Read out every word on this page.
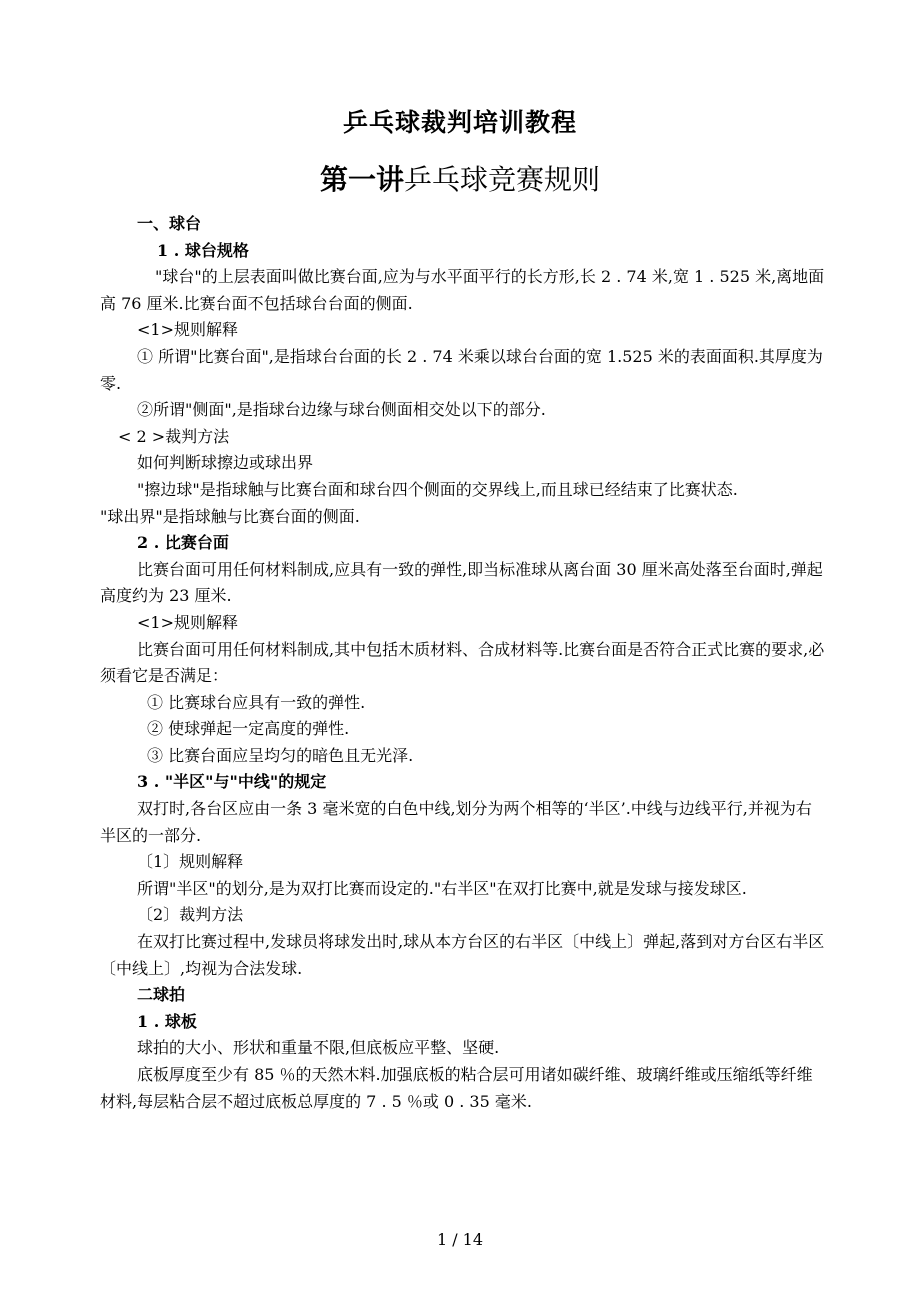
乒乓球裁判培训教程
第一讲乒乓球竞赛规则

一、球台

1 . 球台规格

"球台"的上层表面叫做比赛台面,应为与水平面平行的长方形,长 2 . 74 米,宽 1 . 525 米,离地面高 76 厘米.比赛台面不包括球台台面的侧面.

<1>规则解释

① 所谓"比赛台面",是指球台台面的长 2 . 74 米乘以球台台面的宽 1.525 米的表面面积.其厚度为零.

②所谓"侧面",是指球台边缘与球台侧面相交处以下的部分.

< 2 >裁判方法

如何判断球擦边或球出界

"擦边球"是指球触与比赛台面和球台四个侧面的交界线上,而且球已经结束了比赛状态.

"球出界"是指球触与比赛台面的侧面.

2 . 比赛台面

比赛台面可用任何材料制成,应具有一致的弹性,即当标准球从离台面 30 厘米高处落至台面时,弹起高度约为 23 厘米.

<1>规则解释

比赛台面可用任何材料制成,其中包括木质材料、合成材料等.比赛台面是否符合正式比赛的要求,必须看它是否满足：

① 比赛球台应具有一致的弹性.

② 使球弹起一定高度的弹性.

③ 比赛台面应呈均匀的暗色且无光泽.

3 . "半区"与"中线"的规定

双打时,各台区应由一条 3 毫米宽的白色中线,划分为两个相等的‘半区’.中线与边线平行,并视为右半区的一部分.

〔1〕规则解释

所谓"半区"的划分,是为双打比赛而设定的."右半区"在双打比赛中,就是发球与接发球区.

〔2〕裁判方法

在双打比赛过程中,发球员将球发出时,球从本方台区的右半区〔中线上〕弹起,落到对方台区右半区〔中线上〕,均视为合法发球.

二球拍

1 . 球板

球拍的大小、形状和重量不限,但底板应平整、坚硬.

底板厚度至少有 85 ％的天然木料.加强底板的粘合层可用诸如碳纤维、玻璃纤维或压缩纸等纤维材料,每层粘合层不超过底板总厚度的 7 . 5 ％或 0 . 35 毫米.

1 / 14
